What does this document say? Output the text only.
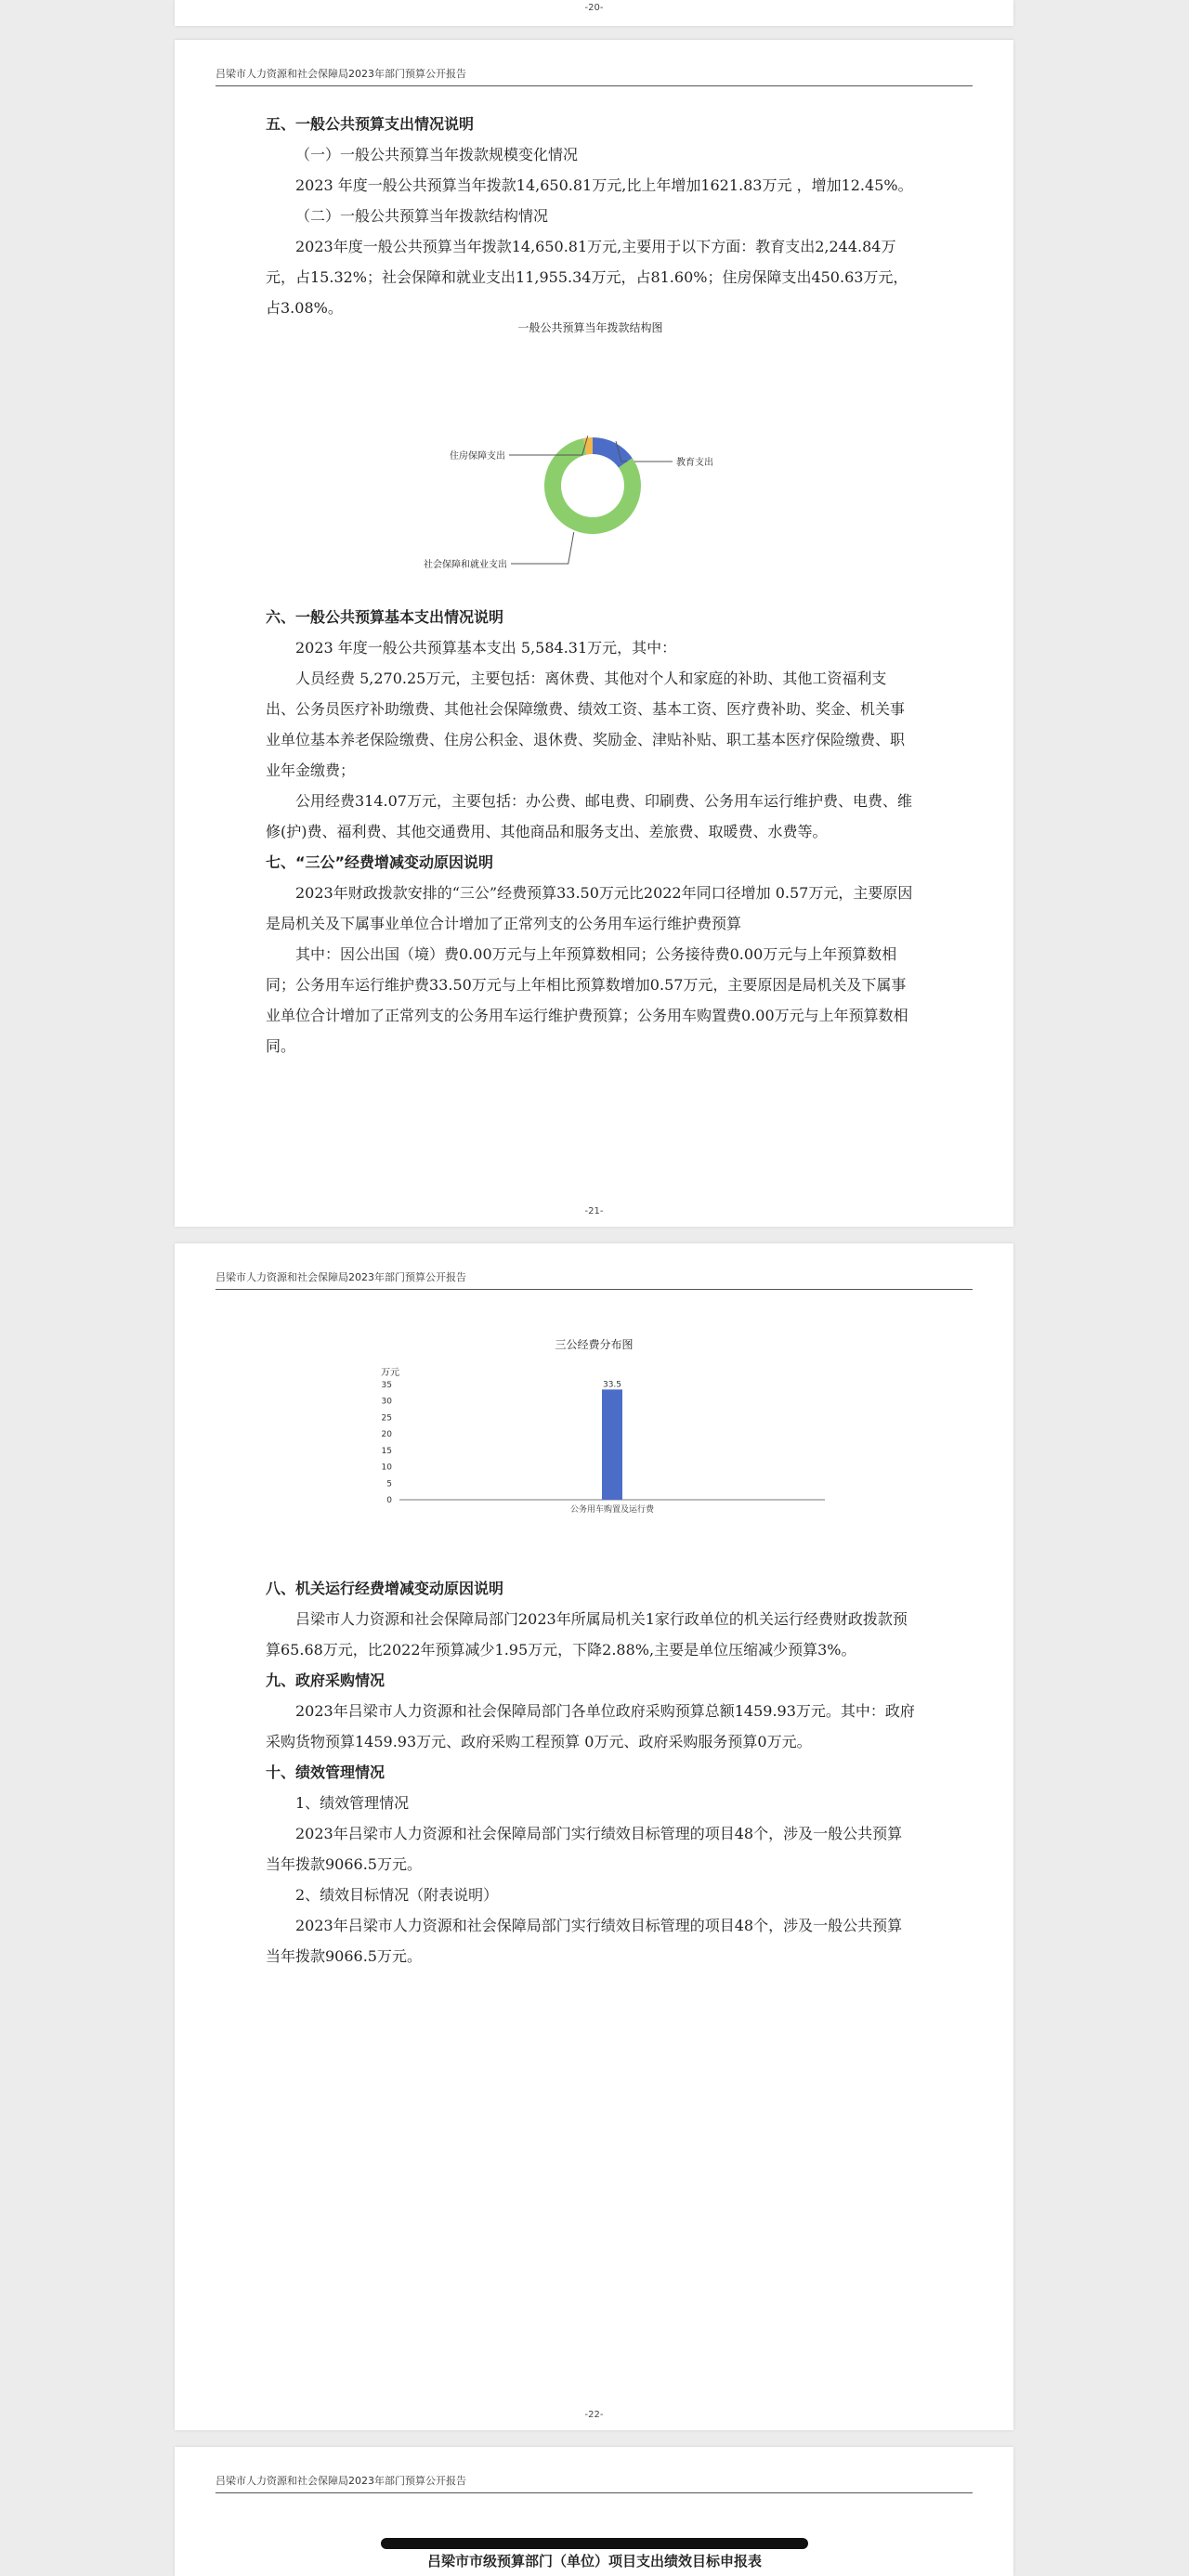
-20-
吕梁市人力资源和社会保障局2023年部门预算公开报告

五、一般公共预算支出情况说明

（一）一般公共预算当年拨款规模变化情况

2023 年度一般公共预算当年拨款14,650.81万元,比上年增加1621.83万元 ，增加12.45%。

（二）一般公共预算当年拨款结构情况

2023年度一般公共预算当年拨款14,650.81万元,主要用于以下方面：教育支出2,244.84万元，占15.32%；社会保障和就业支出11,955.34万元，占81.60%；住房保障支出450.63万元，占3.08%。

一般公共预算当年拨款结构图
教育支出
社会保障和就业支出
住房保障支出

六、一般公共预算基本支出情况说明

2023 年度一般公共预算基本支出 5,584.31万元，其中：

人员经费 5,270.25万元，主要包括：离休费、其他对个人和家庭的补助、其他工资福利支出、公务员医疗补助缴费、其他社会保障缴费、绩效工资、基本工资、医疗费补助、奖金、机关事业单位基本养老保险缴费、住房公积金、退休费、奖励金、津贴补贴、职工基本医疗保险缴费、职业年金缴费；

公用经费314.07万元，主要包括：办公费、邮电费、印刷费、公务用车运行维护费、电费、维修(护)费、福利费、其他交通费用、其他商品和服务支出、差旅费、取暖费、水费等。

七、“三公”经费增减变动原因说明

2023年财政拨款安排的“三公”经费预算33.50万元比2022年同口径增加 0.57万元，主要原因是局机关及下属事业单位合计增加了正常列支的公务用车运行维护费预算

其中：因公出国（境）费0.00万元与上年预算数相同；公务接待费0.00万元与上年预算数相同；公务用车运行维护费33.50万元与上年相比预算数增加0.57万元，主要原因是局机关及下属事业单位合计增加了正常列支的公务用车运行维护费预算；公务用车购置费0.00万元与上年预算数相同。

-21-
吕梁市人力资源和社会保障局2023年部门预算公开报告
三公经费分布图
万元
0
5
10
15
20
25
30
35	33.5
公务用车购置及运行费

八、机关运行经费增减变动原因说明

吕梁市人力资源和社会保障局部门2023年所属局机关1家行政单位的机关运行经费财政拨款预算65.68万元，比2022年预算减少1.95万元，下降2.88%,主要是单位压缩减少预算3%。

九、政府采购情况

2023年吕梁市人力资源和社会保障局部门各单位政府采购预算总额1459.93万元。其中：政府采购货物预算1459.93万元、政府采购工程预算 0万元、政府采购服务预算0万元。

十、绩效管理情况

1、绩效管理情况

2023年吕梁市人力资源和社会保障局部门实行绩效目标管理的项目48个，涉及一般公共预算当年拨款9066.5万元。

2、绩效目标情况（附表说明）

2023年吕梁市人力资源和社会保障局部门实行绩效目标管理的项目48个，涉及一般公共预算当年拨款9066.5万元。

-22-
吕梁市人力资源和社会保障局2023年部门预算公开报告
吕梁市市级预算部门（单位）项目支出绩效目标申报表
